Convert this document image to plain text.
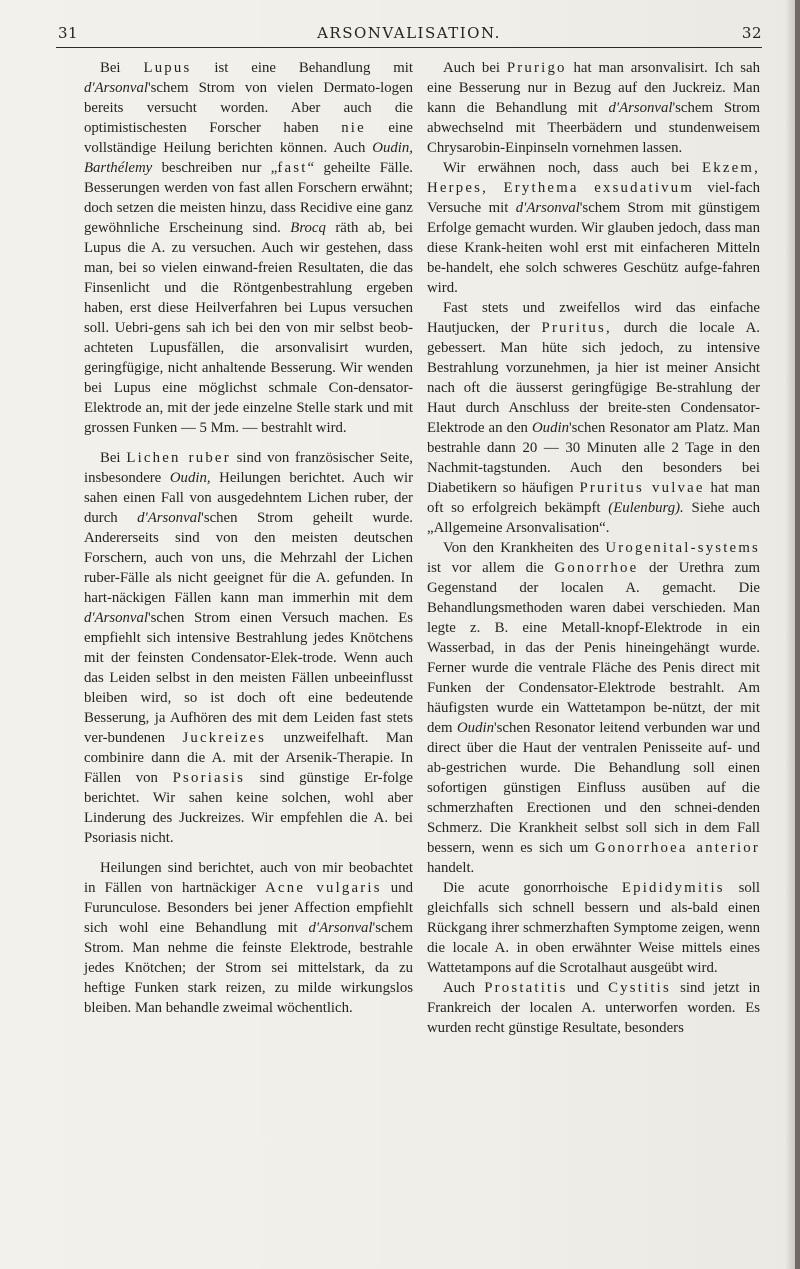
31	ARSONVALISATION.	32

Bei Lupus ist eine Behandlung mit d'Arsonval'schem Strom von vielen Dermato-logen bereits versucht worden. Aber auch die optimistischesten Forscher haben nie eine vollständige Heilung berichten können. Auch Oudin, Barthélemy beschreiben nur „fast“ geheilte Fälle. Besserungen werden von fast allen Forschern erwähnt; doch setzen die meisten hinzu, dass Recidive eine ganz gewöhnliche Erscheinung sind. Brocq räth ab, bei Lupus die A. zu versuchen. Auch wir gestehen, dass man, bei so vielen einwand-freien Resultaten, die das Finsenlicht und die Röntgenbestrahlung ergeben haben, erst diese Heilverfahren bei Lupus versuchen soll. Uebri-gens sah ich bei den von mir selbst beob-achteten Lupusfällen, die arsonvalisirt wurden, geringfügige, nicht anhaltende Besserung. Wir wenden bei Lupus eine möglichst schmale Con-densator-Elektrode an, mit der jede einzelne Stelle stark und mit grossen Funken — 5 Mm. — bestrahlt wird.

Bei Lichen ruber sind von französischer Seite, insbesondere Oudin, Heilungen berichtet. Auch wir sahen einen Fall von ausgedehntem Lichen ruber, der durch d'Arsonval'schen Strom geheilt wurde. Andererseits sind von den meisten deutschen Forschern, auch von uns, die Mehrzahl der Lichen ruber-Fälle als nicht geeignet für die A. gefunden. In hart-näckigen Fällen kann man immerhin mit dem d'Arsonval'schen Strom einen Versuch machen. Es empfiehlt sich intensive Bestrahlung jedes Knötchens mit der feinsten Condensator-Elek-trode. Wenn auch das Leiden selbst in den meisten Fällen unbeeinflusst bleiben wird, so ist doch oft eine bedeutende Besserung, ja Aufhören des mit dem Leiden fast stets ver-bundenen Juckreizes unzweifelhaft. Man combinire dann die A. mit der Arsenik-Therapie. In Fällen von Psoriasis sind günstige Er-folge berichtet. Wir sahen keine solchen, wohl aber Linderung des Juckreizes. Wir empfehlen die A. bei Psoriasis nicht.

Heilungen sind berichtet, auch von mir beobachtet in Fällen von hartnäckiger Acne vulgaris und Furunculose. Besonders bei jener Affection empfiehlt sich wohl eine Behandlung mit d'Arsonval'schem Strom. Man nehme die feinste Elektrode, bestrahle jedes Knötchen; der Strom sei mittelstark, da zu heftige Funken stark reizen, zu milde wirkungslos bleiben. Man behandle zweimal wöchentlich.

Auch bei Prurigo hat man arsonvalisirt. Ich sah eine Besserung nur in Bezug auf den Juckreiz. Man kann die Behandlung mit d'Arsonval'schem Strom abwechselnd mit Theerbädern und stundenweisem Chrysarobin-Einpinseln vornehmen lassen.

Wir erwähnen noch, dass auch bei Ekzem, Herpes, Erythema exsudativum viel-fach Versuche mit d'Arsonval'schem Strom mit günstigem Erfolge gemacht wurden. Wir glauben jedoch, dass man diese Krank-heiten wohl erst mit einfacheren Mitteln be-handelt, ehe solch schweres Geschütz aufge-fahren wird.

Fast stets und zweifellos wird das einfache Hautjucken, der Pruritus, durch die locale A. gebessert. Man hüte sich jedoch, zu intensive Bestrahlung vorzunehmen, ja hier ist meiner Ansicht nach oft die äusserst geringfügige Be-strahlung der Haut durch Anschluss der breite-sten Condensator-Elektrode an den Oudin'schen Resonator am Platz. Man bestrahle dann 20 — 30 Minuten alle 2 Tage in den Nachmit-tagstunden. Auch den besonders bei Diabetikern so häufigen Pruritus vulvae hat man oft so erfolgreich bekämpft (Eulenburg). Siehe auch „Allgemeine Arsonvalisation“.

Von den Krankheiten des Urogenital-systems ist vor allem die Gonorrhoe der Urethra zum Gegenstand der localen A. gemacht. Die Behandlungsmethoden waren dabei verschieden. Man legte z. B. eine Metall-knopf-Elektrode in ein Wasserbad, in das der Penis hineingehängt wurde. Ferner wurde die ventrale Fläche des Penis direct mit Funken der Condensator-Elektrode bestrahlt. Am häufigsten wurde ein Wattetampon be-nützt, der mit dem Oudin'schen Resonator leitend verbunden war und direct über die Haut der ventralen Penisseite auf- und ab-gestrichen wurde. Die Behandlung soll einen sofortigen günstigen Einfluss ausüben auf die schmerzhaften Erectionen und den schnei-denden Schmerz. Die Krankheit selbst soll sich in dem Fall bessern, wenn es sich um Gonorrhoea anterior handelt.

Die acute gonorrhoische Epididymitis soll gleichfalls sich schnell bessern und als-bald einen Rückgang ihrer schmerzhaften Symptome zeigen, wenn die locale A. in oben erwähnter Weise mittels eines Wattetampons auf die Scrotalhaut ausgeübt wird.

Auch Prostatitis und Cystitis sind jetzt in Frankreich der localen A. unterworfen worden. Es wurden recht günstige Resultate, besonders
